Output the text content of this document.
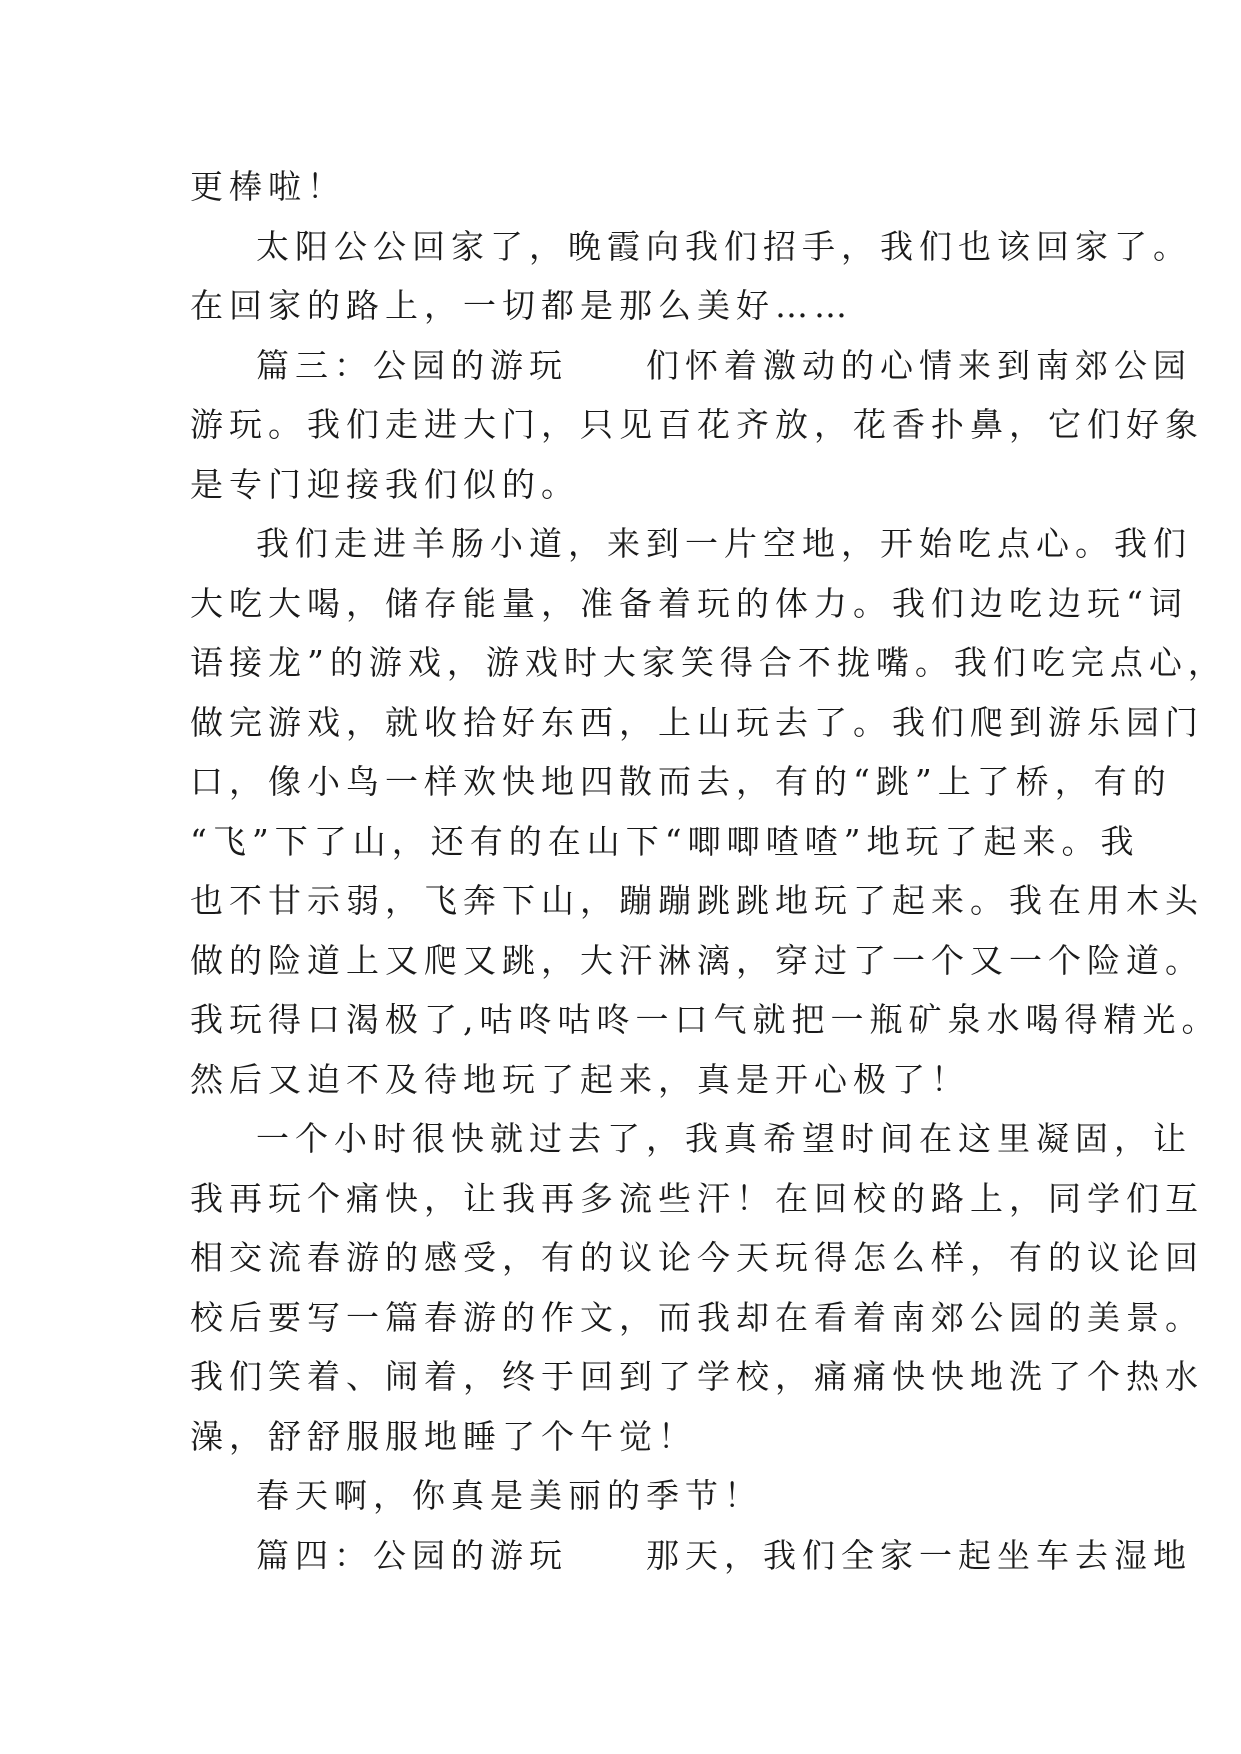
更棒啦！
太阳公公回家了，晚霞向我们招手，我们也该回家了。
在回家的路上，一切都是那么美好……
篇三：公园的游玩　　们怀着激动的心情来到南郊公园
游玩。我们走进大门，只见百花齐放，花香扑鼻，它们好象
是专门迎接我们似的。
我们走进羊肠小道，来到一片空地，开始吃点心。我们
大吃大喝，储存能量，准备着玩的体力。我们边吃边玩“词
语接龙”的游戏，游戏时大家笑得合不拢嘴。我们吃完点心，
做完游戏，就收拾好东西，上山玩去了。我们爬到游乐园门
口，像小鸟一样欢快地四散而去，有的“跳”上了桥，有的
“飞”下了山，还有的在山下“唧唧喳喳”地玩了起来。我
也不甘示弱，飞奔下山，蹦蹦跳跳地玩了起来。我在用木头
做的险道上又爬又跳，大汗淋漓，穿过了一个又一个险道。
我玩得口渴极了,咕咚咕咚一口气就把一瓶矿泉水喝得精光。
然后又迫不及待地玩了起来，真是开心极了！
一个小时很快就过去了，我真希望时间在这里凝固，让
我再玩个痛快，让我再多流些汗！在回校的路上，同学们互
相交流春游的感受，有的议论今天玩得怎么样，有的议论回
校后要写一篇春游的作文，而我却在看着南郊公园的美景。
我们笑着、闹着，终于回到了学校，痛痛快快地洗了个热水
澡，舒舒服服地睡了个午觉！
春天啊，你真是美丽的季节！
篇四：公园的游玩　　那天，我们全家一起坐车去湿地
